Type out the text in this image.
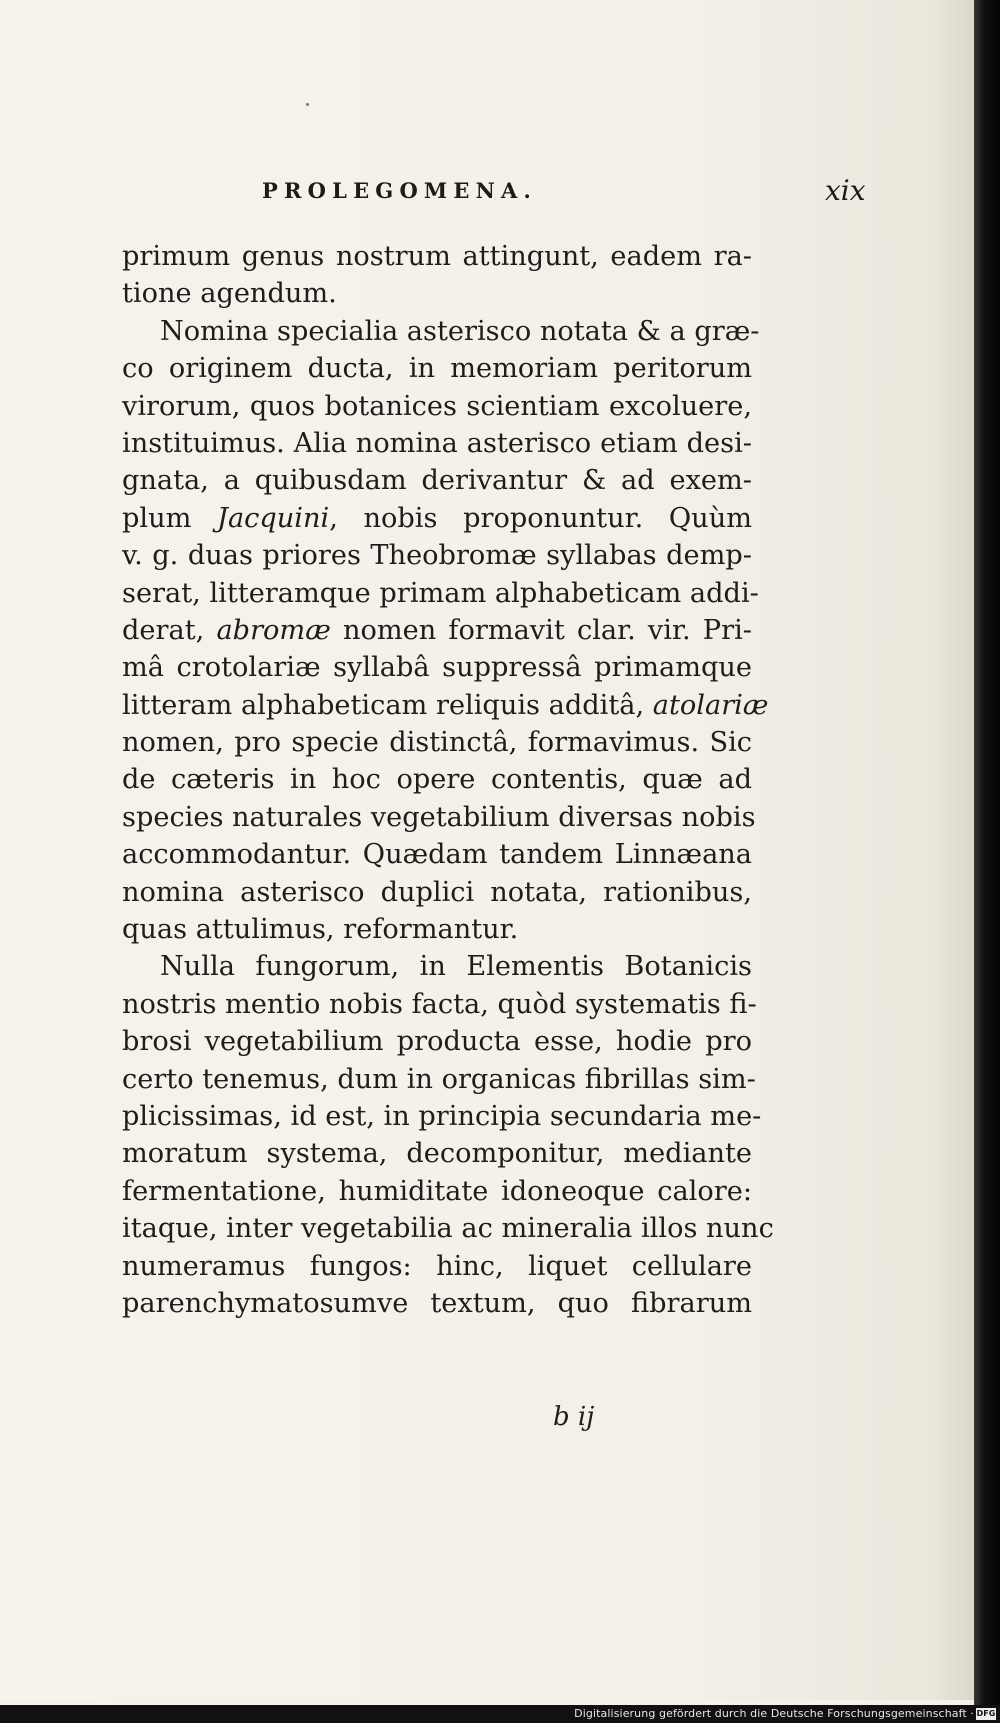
PROLEGOMENA.	xix
primum genus nostrum attingunt, eadem ra-
tione agendum.
Nomina specialia asterisco notata & a græ-
co originem ducta, in memoriam peritorum
virorum, quos botanices scientiam excoluere,
instituimus. Alia nomina asterisco etiam desi-
gnata, a quibusdam derivantur & ad exem-
plum Jacquini, nobis proponuntur. Quùm
v. g. duas priores Theobromæ syllabas demp-
serat, litteramque primam alphabeticam addi-
derat, abromæ nomen formavit clar. vir. Pri-
mâ crotolariæ syllabâ suppressâ primamque
litteram alphabeticam reliquis additâ, atolariæ
nomen, pro specie distinctâ, formavimus. Sic
de cæteris in hoc opere contentis, quæ ad
species naturales vegetabilium diversas nobis
accommodantur. Quædam tandem Linnæana
nomina asterisco duplici notata, rationibus,
quas attulimus, reformantur.
Nulla fungorum, in Elementis Botanicis
nostris mentio nobis facta, quòd systematis fi-
brosi vegetabilium producta esse, hodie pro
certo tenemus, dum in organicas fibrillas sim-
plicissimas, id est, in principia secundaria me-
moratum systema, decomponitur, mediante
fermentatione, humiditate idoneoque calore:
itaque, inter vegetabilia ac mineralia illos nunc
numeramus fungos: hinc, liquet cellulare
parenchymatosumve textum, quo fibrarum
b ij
Digitalisierung gefördert durch die Deutsche Forschungsgemeinschaft · DFG
